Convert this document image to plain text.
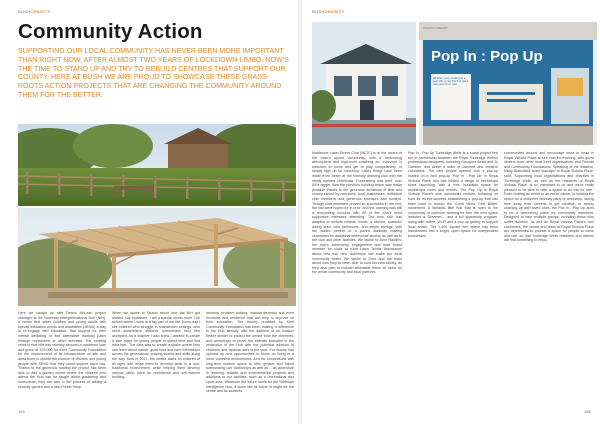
BUSHCHARITY
Community Action

SUPPORTING OUR LOCAL COMMUNITY HAS NEVER BEEN MORE IMPORTANT THAN RIGHT NOW, AFTER ALMOST TWO YEARS OF LOCKDOWN LIMBO. NOW'S THE TIME TO STAND UP AND TRY TO REBUILD CENTRES THAT SUPPORT OUR COUNTY. HERE AT BUSH WE ARE PROUD TO SHOWCASE THESE GRASS-ROOTS ACTION PROJECTS THAT ARE CHANGING THE COMMUNITY AROUND THEM FOR THE BETTER.

Here we caught up with Deano McLean project manager at the Northiam Intergenerational Hub (NIH), a centre that offers children and young adults with special education needs and disabilities (SEND) a way to re-engage with education, that support for their mental wellbeing or find alternative learning paths through horticulture or other activities. The exciting news is that NIH has recently secured a combined loan and grant of £15,000 for Kent Community Foundation for the improvement of its infrastructure on-site and allow them to double the number of children and young people with SEND that they could support each day. Thanks to the generous funding the project has been able to add a garden centre where the children who attend the Hub can be taught about gardening and horticulture; they are also in the process of adding a sensory garden and a new Forest Shop.
When we spoke to Deano about how the NIH got started, she explained, 'I am a special needs mum. The school where I work is a big part of our life. Every day I see children who struggle in mainstream settings, who need somewhere different, somewhere they feel accepted. As a teacher I also knew I wanted to create a safe place for young people to spend time and find their feet.' The idea was to create a space where they can learn about nature, grow food and form friendships across the generations, sharing stories and skills along the way. Now in 2021, the centre takes on children of all ages and helps them to develop skills in a non-traditional environment, while helping them develop various skills, such as confidence and self-esteem building.
memory, problem solving, manual dexterity and even emotions and resilience that can help to improve on their education. The money provided by Kent Community Foundation has been making a difference to the Hub already, with the addition of an outdoor timber shelter to protect the centre from the elements, and workshops to prove the animals standard in the protection of the Hub with the potential addition of chickens and alpacas later in the year. For money has opened up new opportunities to focus on living in a more cohesive environment. And for connections with long-term outdoor space to offer greater and fullest surrounding can 'workshops as well as'... an adventure in learning, reliable and environmental projects and additions to our facilities, such as a recreational and sport area. Whatever the future holds for the Northiam Intelligence Hub, it looks like its future is bright for the centre and its students.
184
BUSHCHARITY
Pop In : Pop Up
Whether you're looking for a new skill, a new friend or just a new view of our town...
PHOTO CREDIT
Maidstone Lawn Tennis Club (MLTC) is at the centre of the town's sports community, with a welcoming atmosphere and high-level coaching on, everyone is welcome to come and get to play competitively, or simply sign up for coaching. Lately things have been made even better at the recently drawing club with the newly opened clubhouse. Fundraising was held, over 80% bigger than the previous building which was made possible thanks to the generous donations of time and money raised by members, local businesses, individual club members and generous sponsors and funders. Though club members proved so successful in the end, the hall were hoped for in prior, and the opening was still a resounding success with 80 of the club's most supportive members attending. The new club has adapted to include football, bowls, a kitchen, spacious dining area, new bathrooms, and ample storage, with the added benefit of a paved walkway making connected for additional wheelchair access as well as to the club and other facilities. We spoke to John Rawlins, the club's community engagement and lead board member for clubs at Kent Lawn Tennis Association about how this new clubhouse will make the local community better. We spoke to John and the team about how they've been able to fund the new facility, as they also plan to include affordable home kit clubs for the whole community and local partners.
Pop In : Pop Up Tunbridge Wells is a social project first run in partnership between the Royal Tunbridge Wells's professional designers, including Georgina Smith and Jo Gardner, and Annie a team of talented and creative volunteers. The new project opened with a pop-up hosted on a new pop-up 'Pop In : Pop Up' in Royal Victoria Place and has hosted a range of workshops since launching, with a free, bookable space for workshops clubs and events. The Pop Up is Royal Victoria Place's new community venture, following on from its recent success establishing a pop-up that has been used to launch the 'Good Vibes, Feel Better' movement. A fantastic little hub that is open to the community to continue working for free the new space includes a 'Dreamer'... and a full spaceship program, along with coffee, Wi-Fi and a pop-up gallery to support local artists. The 1,400 square feet space has been transformed into a bright, open space for independent businesses.
communities around and encourage more to head in Royal Victoria Place to see how it's evolving, with guest dealers from other local Kent organisations and Friends and Community Foundations. Speaking of the initiative, Nicky Blanchard, team manager at Royal Victoria Place, said: 'Supporting local organisations and charities in Tunbridge Wells, as well as the residents of Royal Victoria Place, is so important to us and we're really pleased to be able to offer a space to do this for free.' From hosting an event to an entire career, to hosting the space for a children's birthday party or workshop, taking time away from screens to get creative, or simply catching up with loved ones, the Pop In : Pop Up aims to be a welcoming place for community members. Designed to help multiple groups, including those who suffer isolation, as well as Royal Victoria Place's own customers, the centre and team at Royal Victoria Place are determined to provide a space for people to come and use, so that Tunbridge Wells residents and visitors will find something to enjoy.
185
